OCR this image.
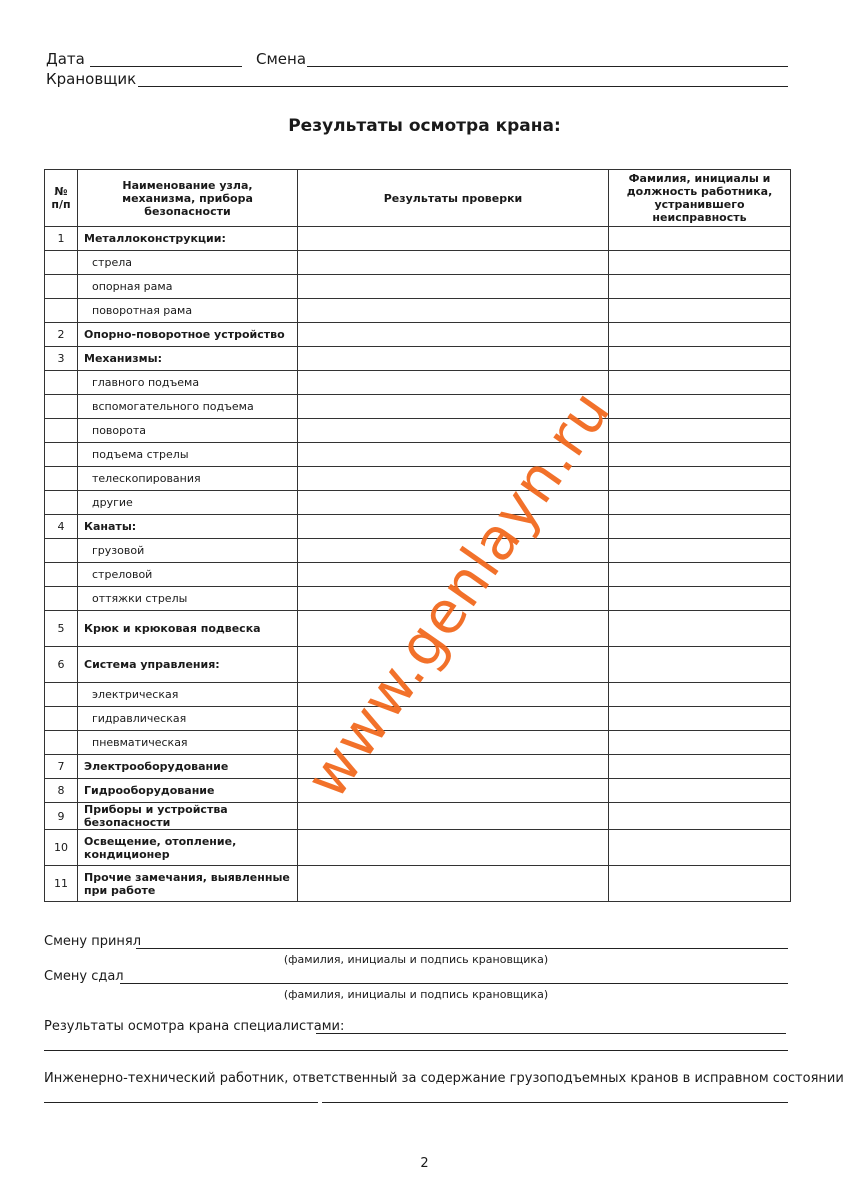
Дата	Смена
Крановщик
Результаты осмотра крана:
№ п/п	Наименование узла, механизма, прибора безопасности	Результаты проверки	Фамилия, инициалы и должность работника, устранившего неисправность
1	Металлоконструкции:		
	стрела		
	опорная рама		
	поворотная рама		
2	Опорно-поворотное устройство		
3	Механизмы:		
	главного подъема		
	вспомогательного подъема		
	поворота		
	подъема стрелы		
	телескопирования		
	другие		
4	Канаты:		
	грузовой		
	стреловой		
	оттяжки стрелы		
5	Крюк и крюковая подвеска		
6	Система управления:		
	электрическая		
	гидравлическая		
	пневматическая		
7	Электрооборудование		
8	Гидрооборудование		
9	Приборы и устройства безопасности		
10	Освещение, отопление, кондиционер		
11	Прочие замечания, выявленные при работе		
Смену принял
(фамилия, инициалы и подпись крановщика)
Смену сдал
(фамилия, инициалы и подпись крановщика)
Результаты осмотра крана специалистами:
Инженерно-технический работник, ответственный за содержание грузоподъемных кранов в исправном состоянии
2
www.genlayn.ru
